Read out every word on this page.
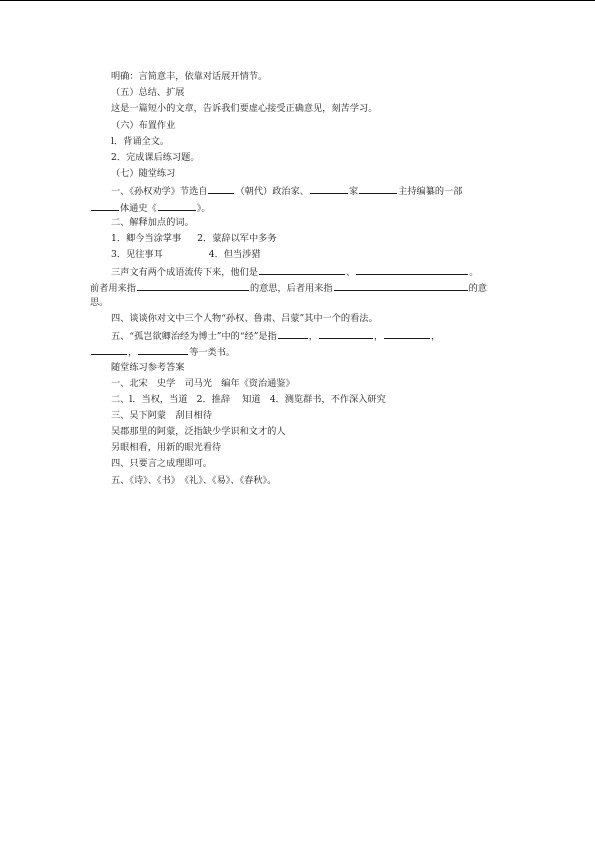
明确：言简意丰，依靠对话展开情节。
（五）总结、扩展
这是一篇短小的文章，告诉我们要虚心接受正确意见，刻苦学习。
（六）布置作业
l．背诵全文。
2．完成课后练习题。
（七）随堂练习
一、《孙权劝学》节选自	（朝代）政治家、	家	主持编纂的一部
体通史《	》。
二、解释加点的词。
1．卿今当涂掌事 2．蒙辞以军中多务
3．见往事耳	4．但当涉猎
三声文有两个成语流传下来，他们是	、	。
前者用来指	的意思，后者用来指	的意
思。
四、谈谈你对文中三个人物“孙权、鲁肃、吕蒙”其中一个的看法。
五、“孤岂欲卿治经为博士”中的“经”是指	，	，	，
，	等一类书。
随堂练习参考答案
一、北宋　史学　司马光　编年《资治通鉴》
二、l．当权，当道　2．推辞　 知道　4．测览群书，不作深入研究
三、吴下阿蒙　刮目相待
吴郡那里的阿蒙，泛指缺少学识和文才的人
另眼相看，用新的眼光看待
四、只要言之成理即可。
五、《诗》、《书》　《礼》、《易》、《春秋》。
